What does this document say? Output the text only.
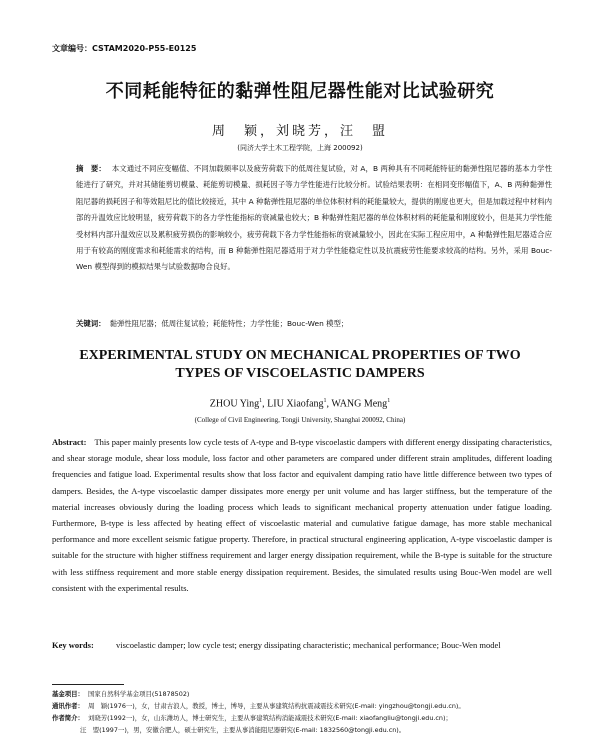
文章编号：CSTAM2020-P55-E0125
不同耗能特征的黏弹性阻尼器性能对比试验研究
周　颖，刘晓芳，汪　盟
(同济大学土木工程学院，上海 200092)
摘　要： 本文通过不同应变幅值、不同加载频率以及疲劳荷载下的低周往复试验，对 A，B 两种具有不同耗能特征的黏弹性阻尼器的基本力学性能进行了研究，并对其储能剪切模量、耗能剪切模量、损耗因子等力学性能进行比较分析。试验结果表明：在相同变形幅值下，A、B 两种黏弹性阻尼器的损耗因子和等效阻尼比的值比较接近，其中 A 种黏弹性阻尼器的单位体积材料的耗能量较大，提供的刚度也更大，但是加载过程中材料内部的升温效应比较明显，疲劳荷载下的各力学性能指标的衰减量也较大；B 种黏弹性阻尼器的单位体积材料的耗能量和刚度较小，但是其力学性能受材料内部升温效应以及累积疲劳损伤的影响较小，疲劳荷载下各力学性能指标的衰减量较小，因此在实际工程应用中，A 种黏弹性阻尼器适合应用于有较高的刚度需求和耗能需求的结构，而 B 种黏弹性阻尼器适用于对力学性能稳定性以及抗震疲劳性能要求较高的结构。另外，采用 Bouc-Wen 模型得到的模拟结果与试验数据吻合良好。
关键词： 黏弹性阻尼器；低周往复试验；耗能特性；力学性能；Bouc-Wen 模型；
EXPERIMENTAL STUDY ON MECHANICAL PROPERTIES OF TWO TYPES OF VISCOELASTIC DAMPERS
ZHOU Ying$^1$, LIU Xiaofang$^1$, WANG Meng$^1$
(College of Civil Engineering, Tongji University, Shanghai 200092, China)
Abstract: This paper mainly presents low cycle tests of A-type and B-type viscoelastic dampers with different energy dissipating characteristics, and shear storage module, shear loss module, loss factor and other parameters are compared under different strain amplitudes, different loading frequencies and fatigue load. Experimental results show that loss factor and equivalent damping ratio have little difference between two types of dampers. Besides, the A-type viscoelastic damper dissipates more energy per unit volume and has larger stiffness, but the temperature of the material increases obviously during the loading process which leads to significant mechanical property attenuation under fatigue loading. Furthermore, B-type is less affected by heating effect of viscoelastic material and cumulative fatigue damage, has more stable mechanical performance and more excellent seismic fatigue property. Therefore, in practical structural engineering application, A-type viscoelastic damper is suitable for the structure with higher stiffness requirement and larger energy dissipation requirement, while the B-type is suitable for the structure with less stiffness requirement and more stable energy dissipation requirement. Besides, the simulated results using Bouc-Wen model are well consistent with the experimental results.
Key words:	viscoelastic damper; low cycle test; energy dissipating characteristic; mechanical performance; Bouc-Wen model
基金项目： 国家自然科学基金项目(51878502)
通讯作者： 周　颖(1976一)，女，甘肃古浪人，教授，博士，博导，主要从事建筑结构抗震减震技术研究(E-mail: yingzhou@tongji.edu.cn)。
作者简介： 刘晓芳(1992一)，女，山东潍坊人，博士研究生，主要从事建筑结构消能减震技术研究(E-mail: xiaofangliu@tongji.edu.cn)；
汪　盟(1997一)，男，安徽合肥人，硕士研究生，主要从事消能阻尼器研究(E-mail: 1832560@tongji.edu.cn)。
